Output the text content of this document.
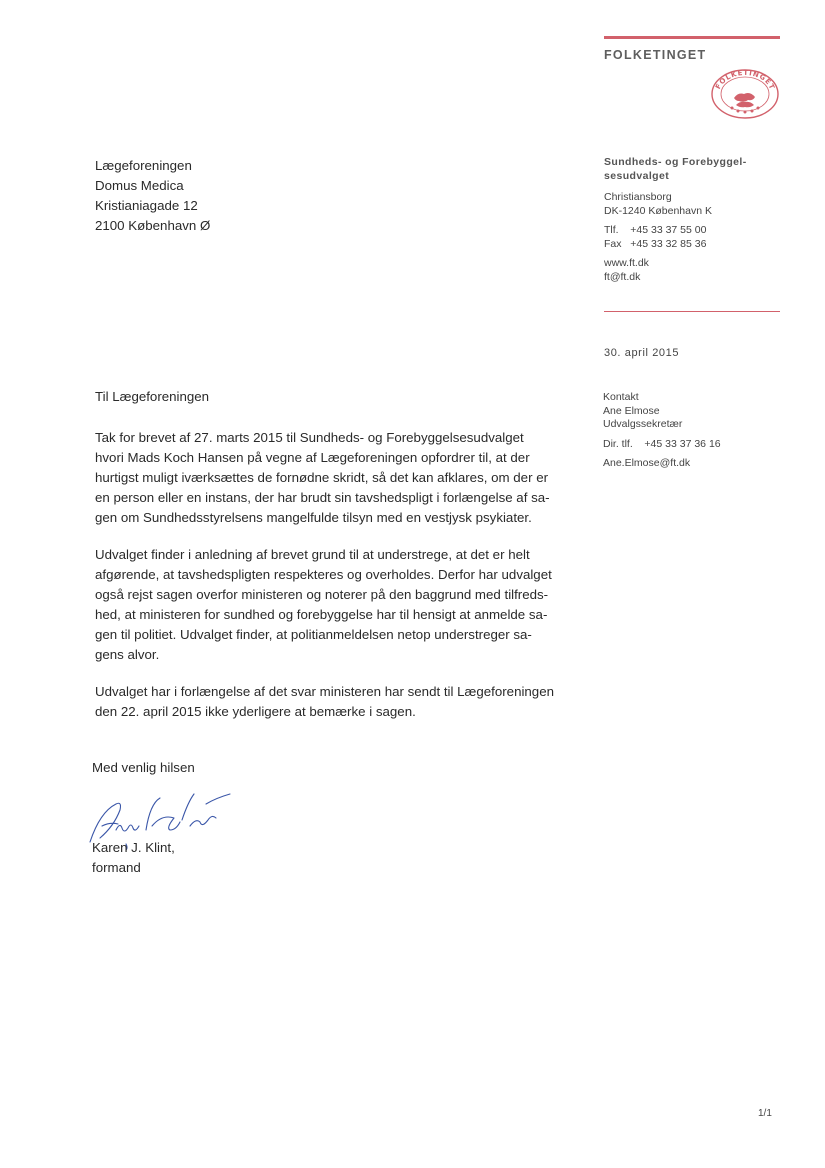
FOLKETINGET
FOLKETINGET
Lægeforeningen
Domus Medica
Kristianiagade 12
2100 København Ø
Sundheds- og Forebyggel-
sesudvalget
Christiansborg
DK-1240 København K
Tlf.    +45 33 37 55 00
Fax   +45 33 32 85 36
www.ft.dk
ft@ft.dk
30. april 2015
Kontakt
Ane Elmose
Udvalgssekretær
Dir. tlf.    +45 33 37 36 16
Ane.Elmose@ft.dk
Til Lægeforeningen
Tak for brevet af 27. marts 2015 til Sundheds- og Forebyggelsesudvalget
hvori Mads Koch Hansen på vegne af Lægeforeningen opfordrer til, at der
hurtigst muligt iværksættes de fornødne skridt, så det kan afklares, om der er
en person eller en instans, der har brudt sin tavshedspligt i forlængelse af sa-
gen om Sundhedsstyrelsens mangelfulde tilsyn med en vestjysk psykiater.
Udvalget finder i anledning af brevet grund til at understrege, at det er helt
afgørende, at tavshedspligten respekteres og overholdes. Derfor har udvalget
også rejst sagen overfor ministeren og noterer på den baggrund med tilfreds-
hed, at ministeren for sundhed og forebyggelse har til hensigt at anmelde sa-
gen til politiet. Udvalget finder, at politianmeldelsen netop understreger sa-
gens alvor.
Udvalget har i forlængelse af det svar ministeren har sendt til Lægeforeningen
den 22. april 2015 ikke yderligere at bemærke i sagen.
Med venlig hilsen
Karen J. Klint,
formand
1/1
